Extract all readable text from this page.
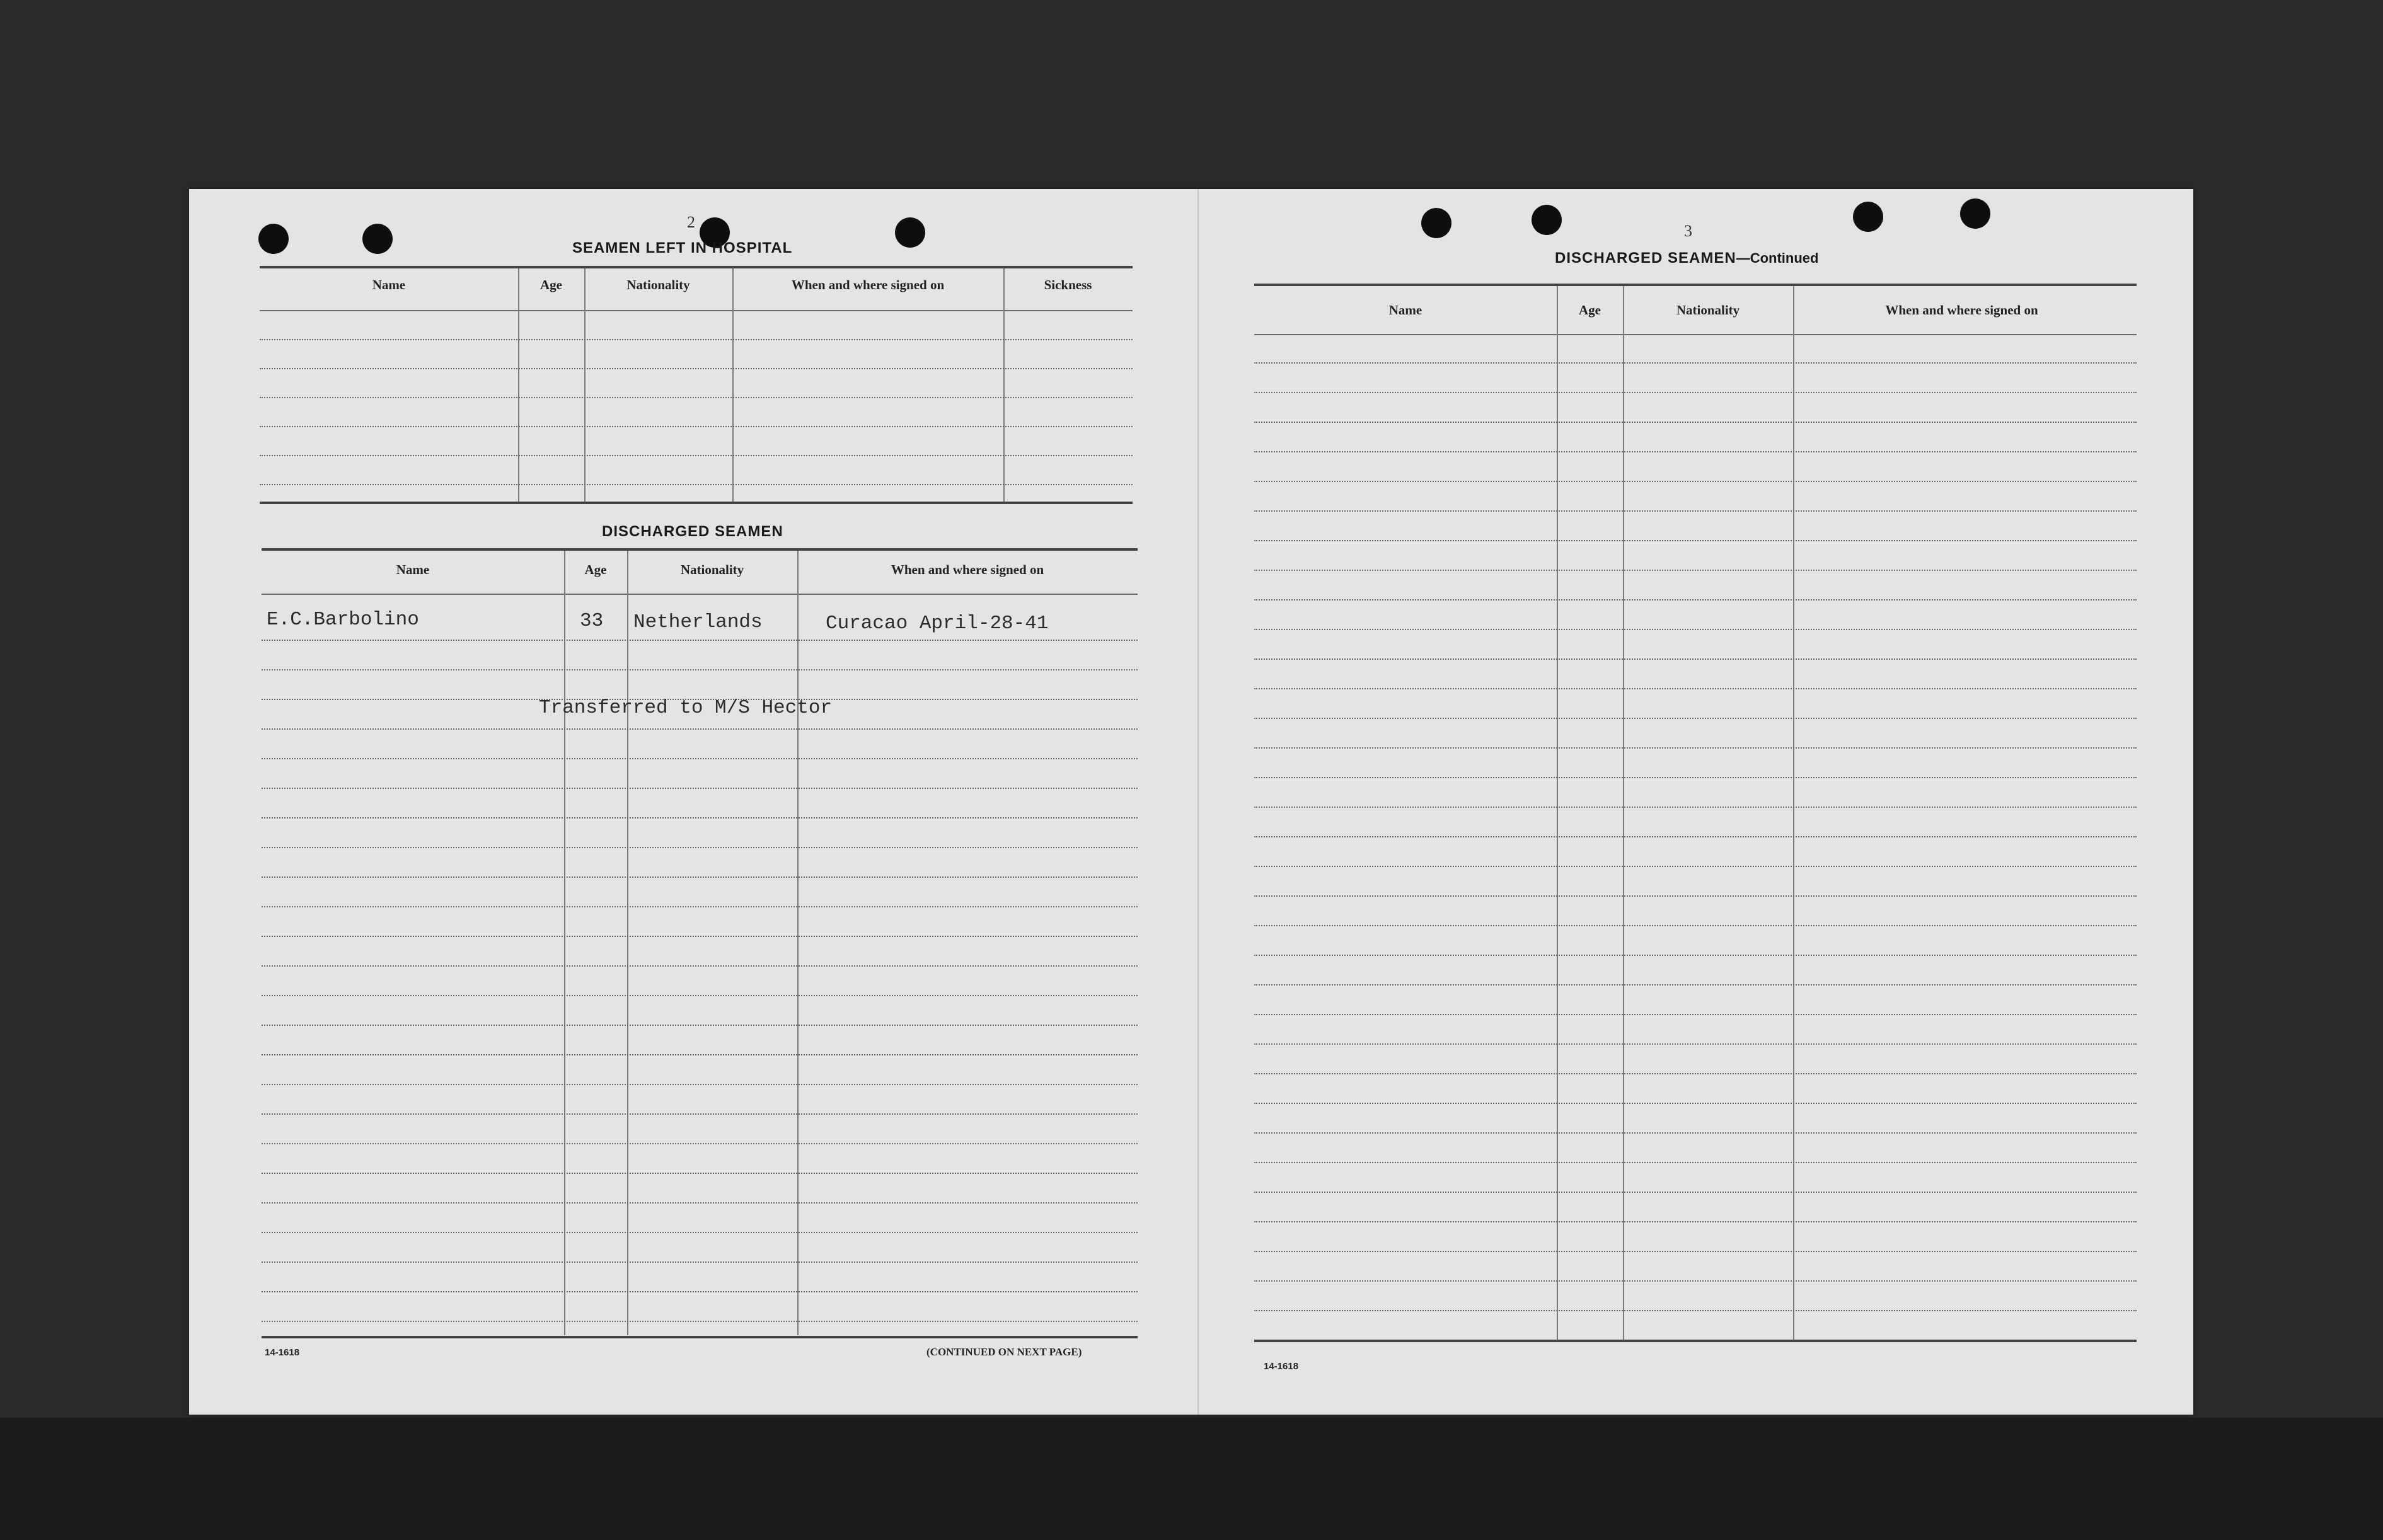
2
SEAMEN LEFT IN HOSPITAL
Name	Age	Nationality	When and where signed on	Sickness
DISCHARGED SEAMEN
Name	Age	Nationality	When and where signed on
E.C.Barbolino	33 Netherlands	Curacao April-28-41
Transferred to M/S Hector
14-1618	(CONTINUED ON NEXT PAGE)
3
DISCHARGED SEAMEN—Continued
Name	Age	Nationality	When and where signed on
14-1618
